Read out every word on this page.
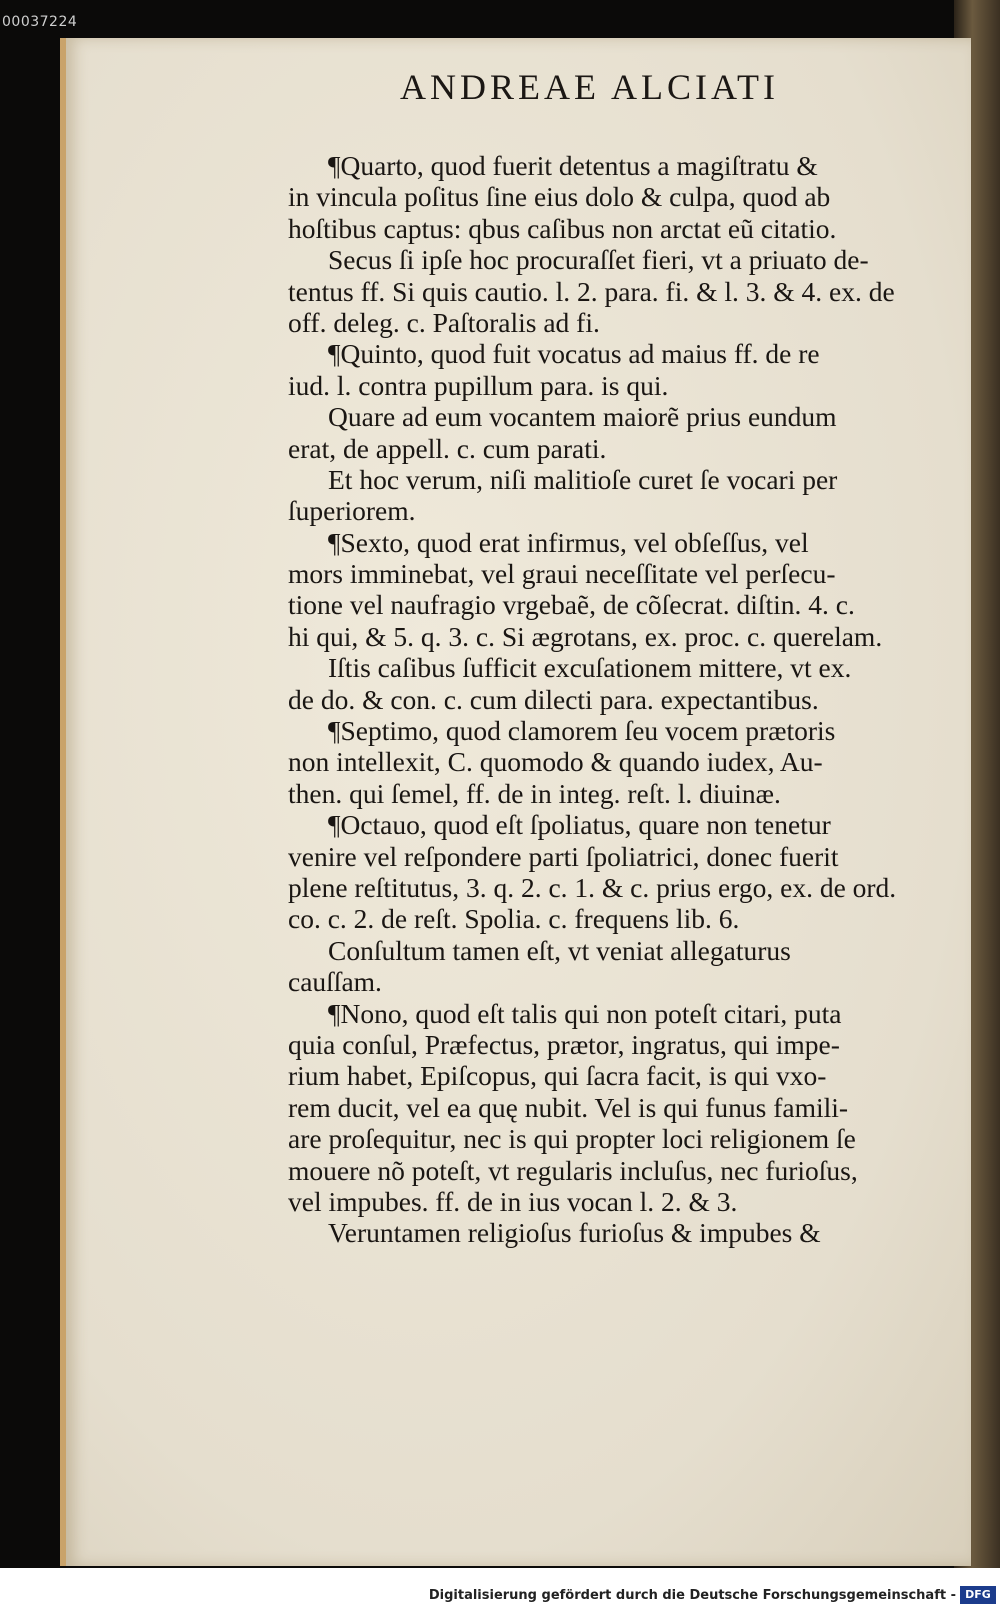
00037224
ANDREAE ALCIATI
¶Quarto, quod fuerit detentus a magiſtratu &
in vincula poſitus ſine eius dolo & culpa, quod ab
hoſtibus captus: qbus caſibus non arctat eũ citatio.
Secus ſi ipſe hoc procuraſſet fieri, vt a priuato de-
tentus ff. Si quis cautio. l. 2. para. fi. & l. 3. & 4. ex. de
off. deleg. c. Paſtoralis ad fi.
¶Quinto, quod fuit vocatus ad maius ff. de re
iud. l. contra pupillum para. is qui.
Quare ad eum vocantem maiorẽ prius eundum
erat, de appell. c. cum parati.
Et hoc verum, niſi malitioſe curet ſe vocari per
ſuperiorem.
¶Sexto, quod erat infirmus, vel obſeſſus, vel
mors imminebat, vel graui neceſſitate vel perſecu-
tione vel naufragio vrgebaẽ, de cõſecrat. diſtin. 4. c.
hi qui, & 5. q. 3. c. Si ægrotans, ex. proc. c. querelam.
Iſtis caſibus ſufficit excuſationem mittere, vt ex.
de do. & con. c. cum dilecti para. expectantibus.
¶Septimo, quod clamorem ſeu vocem prætoris
non intellexit, C. quomodo & quando iudex, Au-
then. qui ſemel, ff. de in integ. reſt. l. diuinæ.
¶Octauo, quod eſt ſpoliatus, quare non tenetur
venire vel reſpondere parti ſpoliatrici, donec fuerit
plene reſtitutus, 3. q. 2. c. 1. & c. prius ergo, ex. de ord.
co. c. 2. de reſt. Spolia. c. frequens lib. 6.
Conſultum tamen eſt, vt veniat allegaturus
cauſſam.
¶Nono, quod eſt talis qui non poteſt citari, puta
quia conſul, Præfectus, prætor, ingratus, qui impe-
rium habet, Epiſcopus, qui ſacra facit, is qui vxo-
rem ducit, vel ea quę nubit. Vel is qui funus famili-
are proſequitur, nec is qui propter loci religionem ſe
mouere nõ poteſt, vt regularis incluſus, nec furioſus,
vel impubes. ff. de in ius vocan l. 2. & 3.
Veruntamen religioſus furioſus & impubes &
Digitalisierung gefördert durch die Deutsche Forschungsgemeinschaft - DFG
